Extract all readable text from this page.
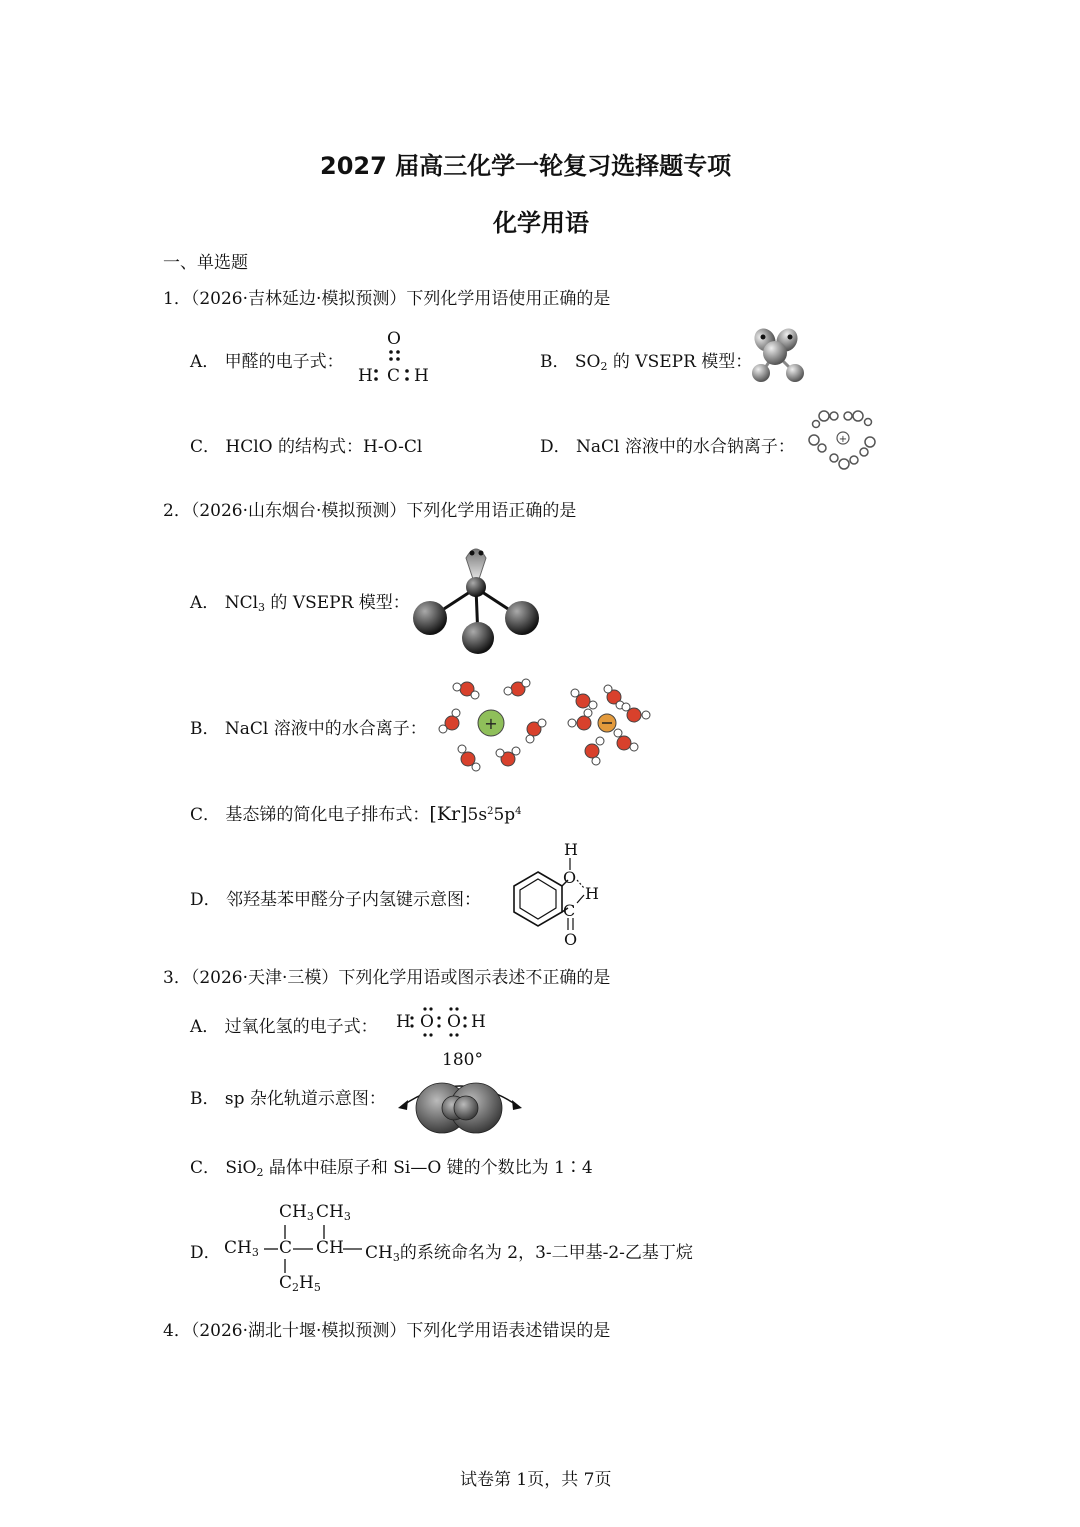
2027 届高三化学一轮复习选择题专项
化学用语
一、单选题
1．（2026·吉林延边·模拟预测）下列化学用语使用正确的是
A． 甲醛的电子式：
O
H C H
B． $SO_2$ 的 VSEPR 模型：
C． HClO 的结构式：H-O-Cl	D． NaCl 溶液中的水合钠离子：	+
2．（2026·山东烟台·模拟预测）下列化学用语正确的是
A． NCl$_3$ 的 VSEPR 模型：
B． NaCl 溶液中的水合离子：	+
C． 基态锑的简化电子排布式：$[Kr]5s^25p^4$
D． 邻羟基苯甲醛分子内氢键示意图：
H
O
H
C
O
3．（2026·天津·三模）下列化学用语或图示表述不正确的是
A． 过氧化氢的电子式： H O O H
B． sp 杂化轨道示意图：
180°
C． SiO$_2$ 晶体中硅原子和 Si—O 键的个数比为 1∶4
D．
$CH_3$ $CH_3$
$CH_3$ C CH $CH_3$的系统命名为 2，3-二甲基-2-乙基丁烷
$C_2H_5$
4．（2026·湖北十堰·模拟预测）下列化学用语表述错误的是
试卷第 1页，共 7页
